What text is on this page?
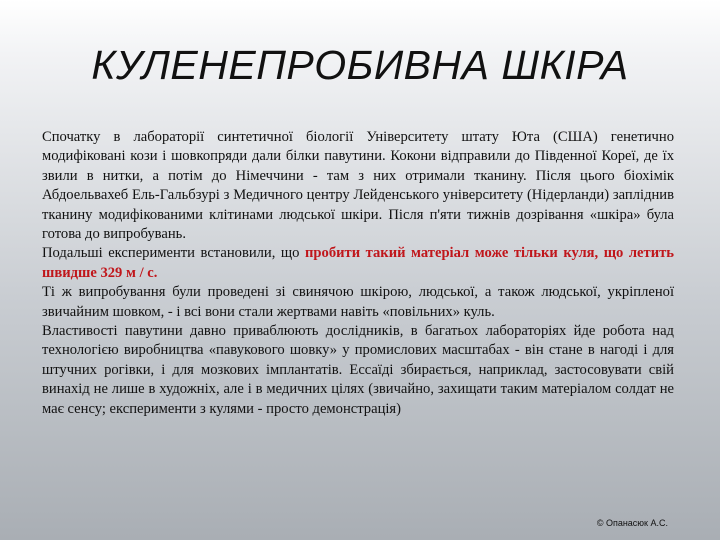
КУЛЕНЕПРОБИВНА ШКІРА

Спочатку в лабораторії синтетичної біології Університету штату Юта (США) генетично модифіковані кози і шовкопряди дали білки павутини. Кокони відправили до Південної Кореї, де їх звили в нитки, а потім до Німеччини - там з них отримали тканину. Після цього біохімік Абдоельвахеб Ель-Гальбзурі з Медичного центру Лейденського університету (Нідерланди) запліднив тканину модифікованими клітинами людської шкіри. Після п'яти тижнів дозрівання «шкіра» була готова до випробувань.

Подальші експерименти встановили, що пробити такий матеріал може тільки куля, що летить швидше 329 м / с.

Ті ж випробування були проведені зі свинячою шкірою, людської, а також людської, укріпленої звичайним шовком, - і всі вони стали жертвами навіть «повільних» куль.

Властивості павутини давно приваблюють дослідників, в багатьох лабораторіях йде робота над технологією виробництва «павукового шовку» у промислових масштабах - він стане в нагоді і для штучних рогівки, і для мозкових імплантатів. Ессаїді збирається, наприклад, застосовувати свій винахід не лише в художніх, але і в медичних цілях (звичайно, захищати таким матеріалом солдат не має сенсу; експерименти з кулями - просто демонстрація)

© Опанасюк А.С.
